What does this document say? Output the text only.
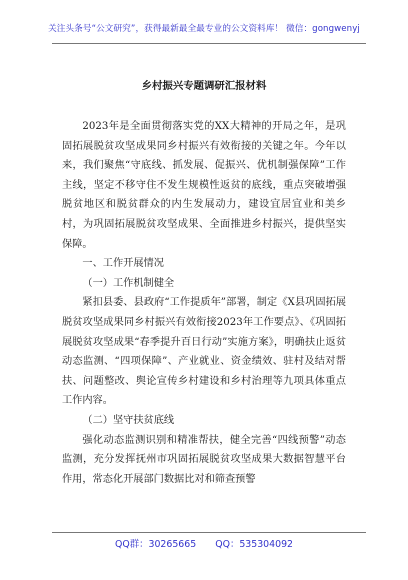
关注头条号“公文研究”，获得最新最全最专业的公文资料库！ 微信：gongwenyj
乡村振兴专题调研汇报材料

2023年是全面贯彻落实党的XX大精神的开局之年，是巩固拓展脱贫攻坚成果同乡村振兴有效衔接的关键之年。今年以来，我们聚焦“守底线、抓发展、促振兴、优机制强保障”工作主线，坚定不移守住不发生规模性返贫的底线，重点突破增强脱贫地区和脱贫群众的内生发展动力，建设宜居宜业和美乡村，为巩固拓展脱贫攻坚成果、全面推进乡村振兴，提供坚实保障。

一、工作开展情况
（一）工作机制健全

紧扣县委、县政府“工作提质年”部署，制定《X县巩固拓展脱贫攻坚成果同乡村振兴有效衔接2023年工作要点》、《巩固拓展脱贫攻坚成果“春季提升百日行动”实施方案》，明确扶止返贫动态监测、“四项保障”、产业就业、资金绩效、驻村及结对帮扶、问题整改、舆论宣传乡村建设和乡村治理等九项具体重点工作内容。

（二）坚守扶贫底线

强化动态监测识别和精准帮扶，健全完善“四线预警”动态监测，充分发挥抚州市巩固拓展脱贫攻坚成果大数据智慧平台作用，常态化开展部门数据比对和筛查预警

QQ群：30265665 QQ：535304092
